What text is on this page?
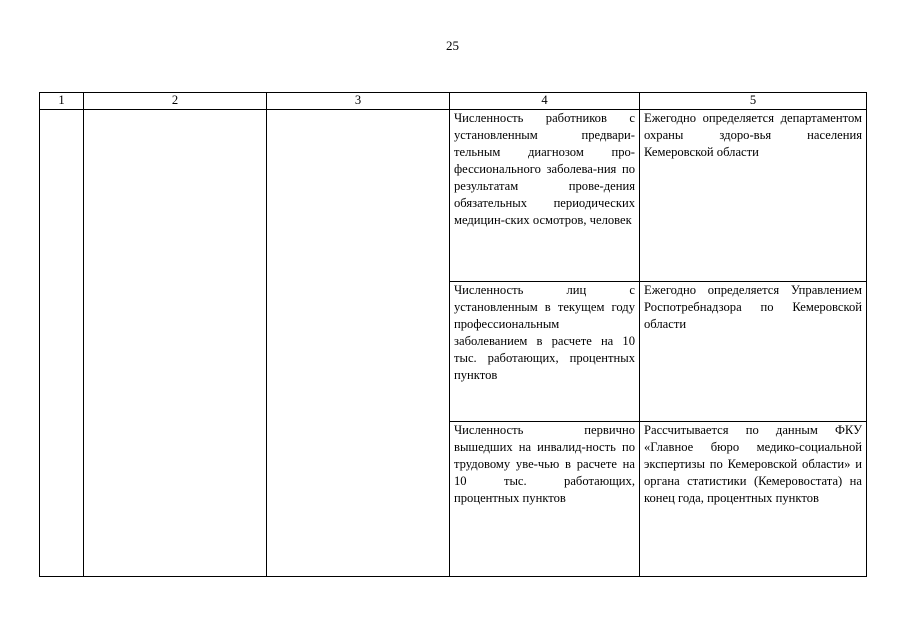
25
1	2	3	4	5
			Численность работников с установленным предвари-тельным диагнозом про-фессионального заболева-ния по результатам прове-дения обязательных периодических медицин-ских осмотров, человек	Ежегодно определяется департаментом охраны здоро-вья населения Кемеровской области
			Численность лиц с установленным в текущем году профессиональным заболеванием в расчете на 10 тыс. работающих, процентных пунктов	Ежегодно определяется Управлением Роспотребнадзора по Кемеровской области
			Численность первично вышедших на инвалид-ность по трудовому уве-чью в расчете на 10 тыс. работающих, процентных пунктов	Рассчитывается по данным ФКУ «Главное бюро медико-социальной экспертизы по Кемеровской области» и органа статистики (Кемеровостата) на конец года, процентных пунктов
